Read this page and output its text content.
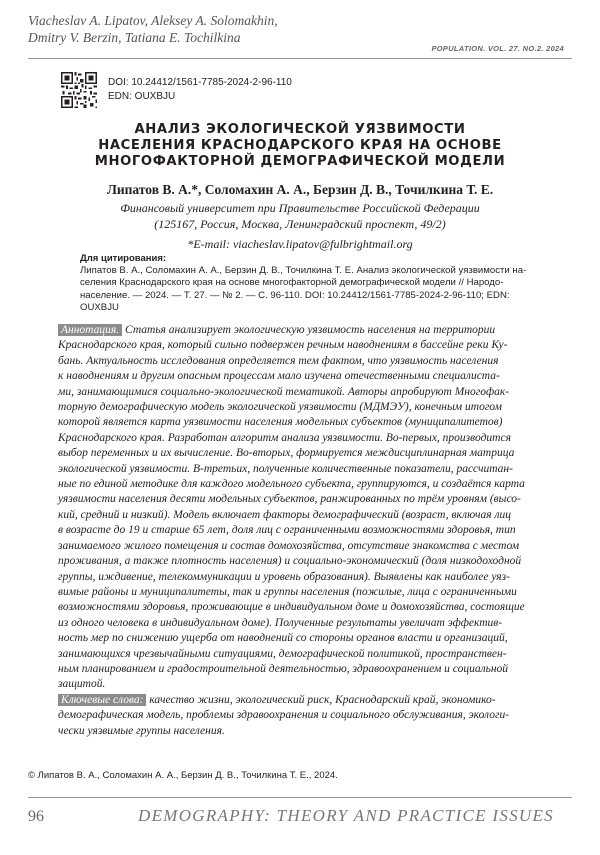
Viacheslav A. Lipatov, Aleksey A. Solomakhin,
Dmitry V. Berzin, Tatiana E. Tochilkina
POPULATION. VOL. 27. NO.2. 2024
DOI: 10.24412/1561-7785-2024-2-96-110
EDN: OUXBJU
АНАЛИЗ ЭКОЛОГИЧЕСКОЙ УЯЗВИМОСТИ
НАСЕЛЕНИЯ КРАСНОДАРСКОГО КРАЯ НА ОСНОВЕ
МНОГОФАКТОРНОЙ ДЕМОГРАФИЧЕСКОЙ МОДЕЛИ
Липатов В. А.*, Соломахин А. А., Берзин Д. В., Точилкина Т. Е.
Финансовый университет при Правительстве Российской Федерации
(125167, Россия, Москва, Ленинградский проспект, 49/2)
*E-mail: viacheslav.lipatov@fulbrightmail.org
Для цитирования:
Липатов В. А., Соломахин А. А., Берзин Д. В., Точилкина Т. Е. Анализ экологической уязвимости на-
селения Краснодарского края на основе многофакторной демографической модели // Народо-
население. — 2024. — Т. 27. — № 2. — С. 96-110. DOI: 10.24412/1561-7785-2024-2-96-110; EDN:
OUXBJU
Аннотация. Статья анализирует экологическую уязвимость населения на территории
Краснодарского края, который сильно подвержен речным наводнениям в бассейне реки Ку-
бань. Актуальность исследования определяется тем фактом, что уязвимость населения
к наводнениям и другим опасным процессам мало изучена отечественными специалиста-
ми, занимающимися социально-экологической тематикой. Авторы апробируют Многофак-
торную демографическую модель экологической уязвимости (МДМЭУ), конечным итогом
которой является карта уязвимости населения модельных субъектов (муниципалитетов)
Краснодарского края. Разработан алгоритм анализа уязвимости. Во-первых, производится
выбор переменных и их вычисление. Во-вторых, формируется междисциплинарная матрица
экологической уязвимости. В-третьих, полученные количественные показатели, рассчитан-
ные по единой методике для каждого модельного субъекта, группируются, и создаётся карта
уязвимости населения десяти модельных субъектов, ранжированных по трём уровням (высо-
кий, средний и низкий). Модель включает факторы демографический (возраст, включая лиц
в возрасте до 19 и старше 65 лет, доля лиц с ограниченными возможностями здоровья, тип
занимаемого жилого помещения и состав домохозяйства, отсутствие знакомства с местом
проживания, а также плотность населения) и социально-экономический (доля низкодоходной
группы, иждивение, телекоммуникации и уровень образования). Выявлены как наиболее уяз-
вимые районы и муниципалитеты, так и группы населения (пожилые, лица с ограниченными
возможностями здоровья, проживающие в индивидуальном доме и домохозяйства, состоящие
из одного человека в индивидуальном доме). Полученные результаты увеличат эффектив-
ность мер по снижению ущерба от наводнений со стороны органов власти и организаций,
занимающихся чрезвычайными ситуациями, демографической политикой, пространствен-
ным планированием и градостроительной деятельностью, здравоохранением и социальной
защитой.
Ключевые слова: качество жизни, экологический риск, Краснодарский край, экономико-
демографическая модель, проблемы здравоохранения и социального обслуживания, экологи-
чески уязвимые группы населения.
© Липатов В. А., Соломахин А. А., Берзин Д. В., Точилкина Т. Е., 2024.
96	DEMOGRAPHY: THEORY AND PRACTICE ISSUES
